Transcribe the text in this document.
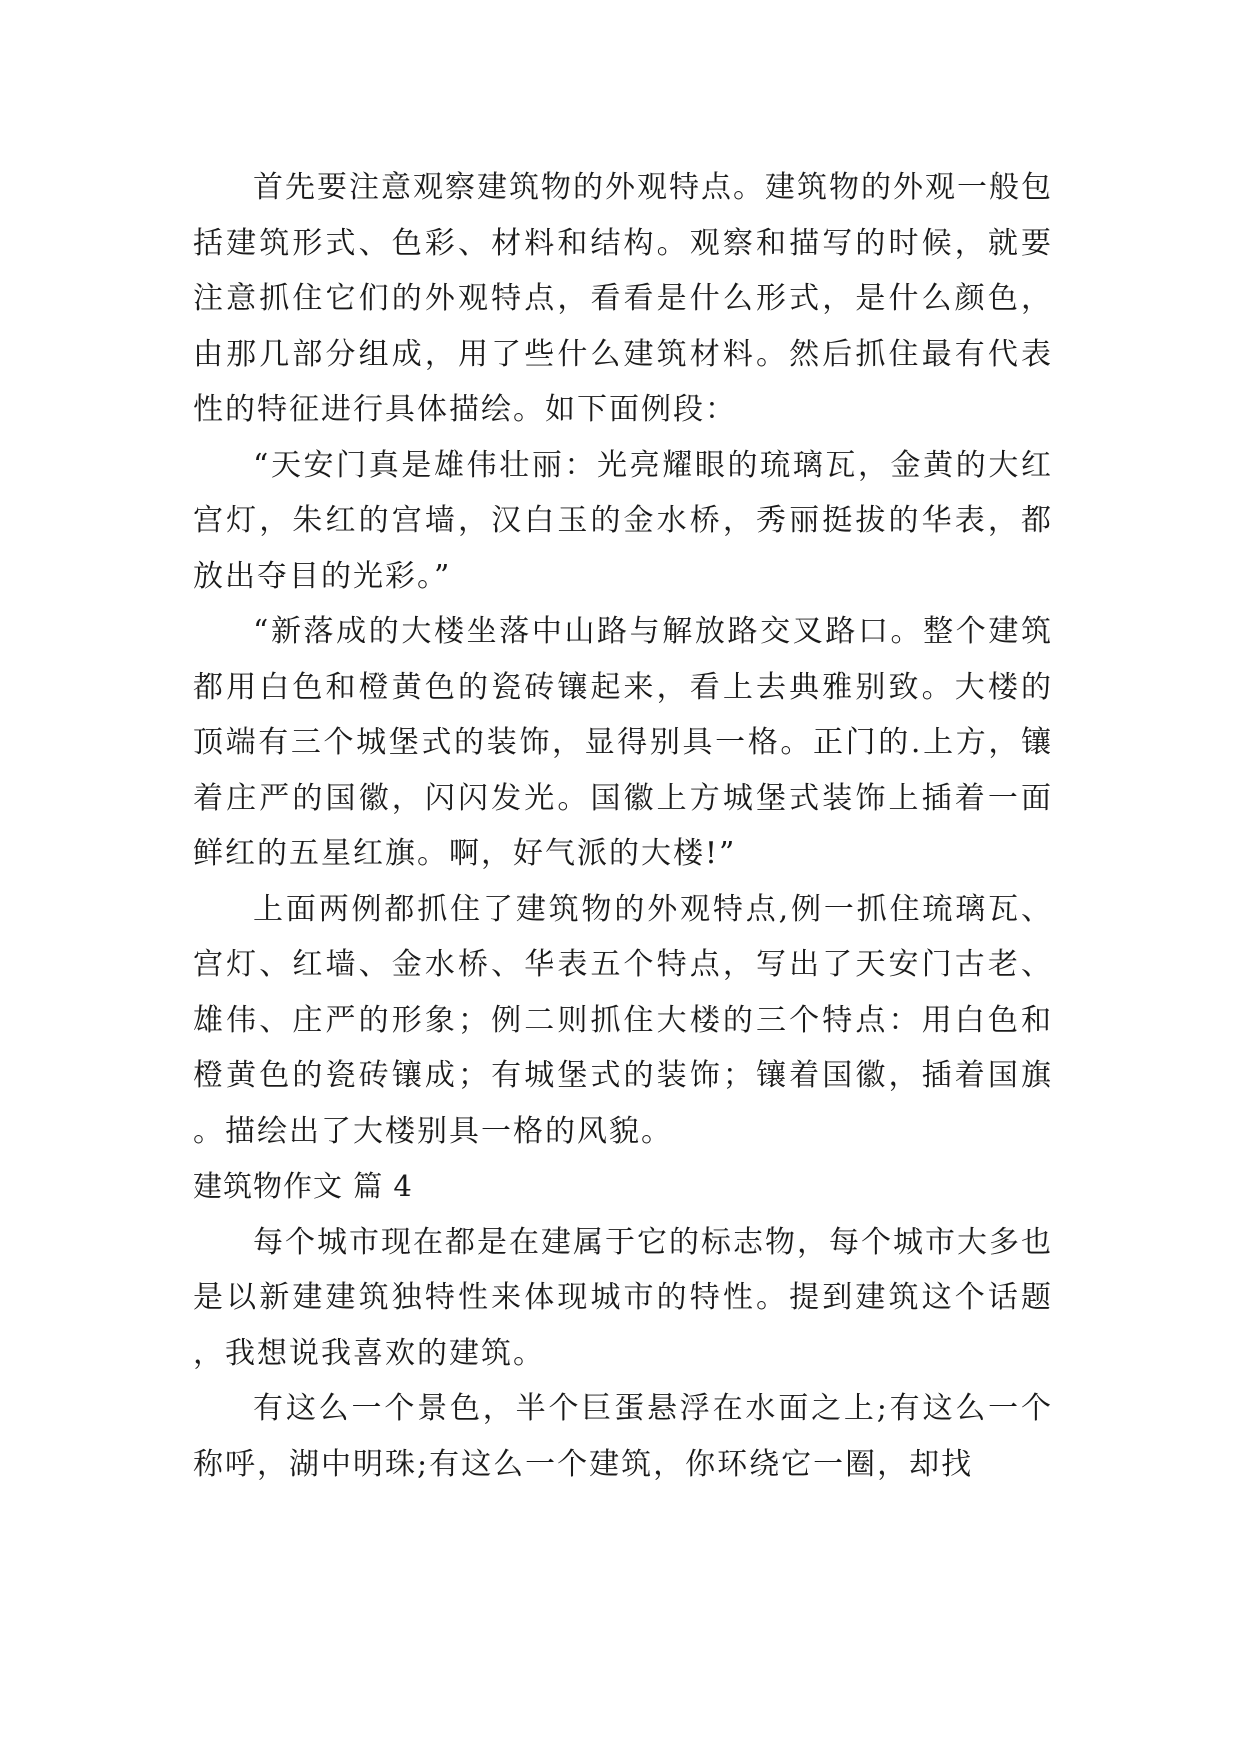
首先要注意观察建筑物的外观特点。建筑物的外观一般包括建筑形式、色彩、材料和结构。观察和描写的时候，就要注意抓住它们的外观特点，看看是什么形式，是什么颜色，由那几部分组成，用了些什么建筑材料。然后抓住最有代表性的特征进行具体描绘。如下面例段：

“天安门真是雄伟壮丽：光亮耀眼的琉璃瓦，金黄的大红宫灯，朱红的宫墙，汉白玉的金水桥，秀丽挺拔的华表，都放出夺目的光彩。”

“新落成的大楼坐落中山路与解放路交叉路口。整个建筑都用白色和橙黄色的瓷砖镶起来，看上去典雅别致。大楼的顶端有三个城堡式的装饰，显得别具一格。正门的.上方，镶着庄严的国徽，闪闪发光。国徽上方城堡式装饰上插着一面鲜红的五星红旗。啊，好气派的大楼!”

上面两例都抓住了建筑物的外观特点,例一抓住琉璃瓦、宫灯、红墙、金水桥、华表五个特点，写出了天安门古老、雄伟、庄严的形象；例二则抓住大楼的三个特点：用白色和橙黄色的瓷砖镶成；有城堡式的装饰；镶着国徽，插着国旗。描绘出了大楼别具一格的风貌。

建筑物作文 篇 4

每个城市现在都是在建属于它的标志物，每个城市大多也是以新建建筑独特性来体现城市的特性。提到建筑这个话题，我想说我喜欢的建筑。

有这么一个景色，半个巨蛋悬浮在水面之上;有这么一个称呼，湖中明珠;有这么一个建筑，你环绕它一圈，却找
